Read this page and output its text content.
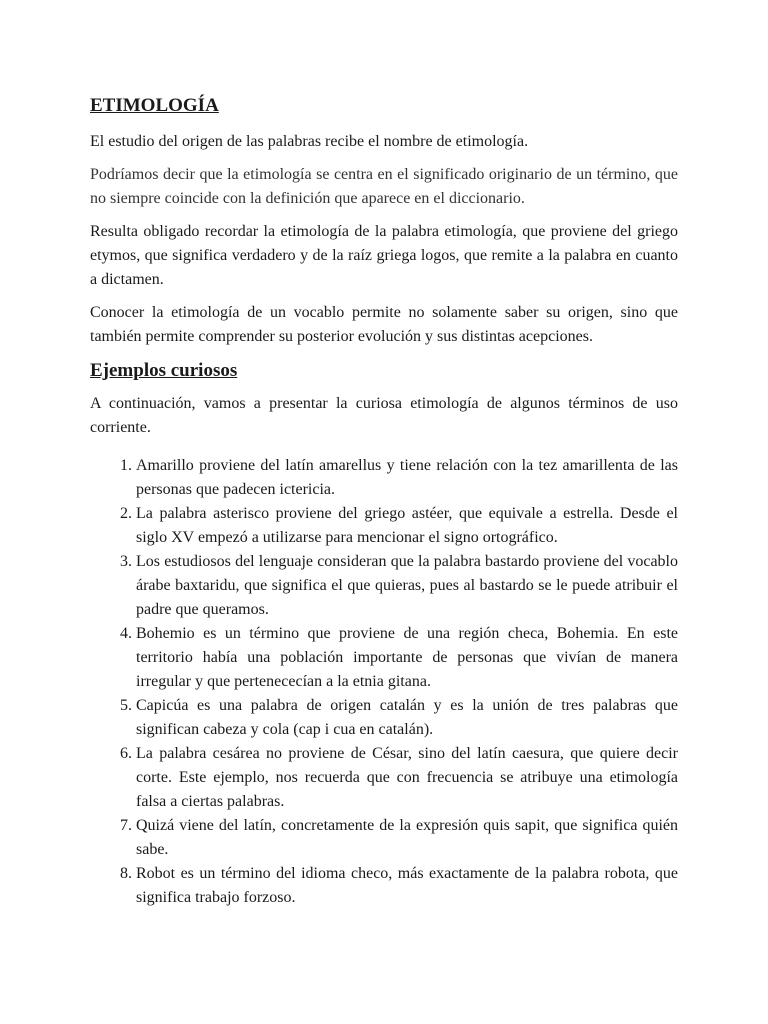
ETIMOLOGÍA

El estudio del origen de las palabras recibe el nombre de etimología.

Podríamos decir que la etimología se centra en el significado originario de un término, que no siempre coincide con la definición que aparece en el diccionario.

Resulta obligado recordar la etimología de la palabra etimología, que proviene del griego etymos, que significa verdadero y de la raíz griega logos, que remite a la palabra en cuanto a dictamen.

Conocer la etimología de un vocablo permite no solamente saber su origen, sino que también permite comprender su posterior evolución y sus distintas acepciones.

Ejemplos curiosos

A continuación, vamos a presentar la curiosa etimología de algunos términos de uso corriente.

1. Amarillo proviene del latín amarellus y tiene relación con la tez amarillenta de las personas que padecen ictericia.
2. La palabra asterisco proviene del griego astéer, que equivale a estrella. Desde el siglo XV empezó a utilizarse para mencionar el signo ortográfico.
3. Los estudiosos del lenguaje consideran que la palabra bastardo proviene del vocablo árabe baxtaridu, que significa el que quieras, pues al bastardo se le puede atribuir el padre que queramos.
4. Bohemio es un término que proviene de una región checa, Bohemia. En este territorio había una población importante de personas que vivían de manera irregular y que pertenececían a la etnia gitana.
5. Capicúa es una palabra de origen catalán y es la unión de tres palabras que significan cabeza y cola (cap i cua en catalán).
6. La palabra cesárea no proviene de César, sino del latín caesura, que quiere decir corte. Este ejemplo, nos recuerda que con frecuencia se atribuye una etimología falsa a ciertas palabras.
7. Quizá viene del latín, concretamente de la expresión quis sapit, que significa quién sabe.
8. Robot es un término del idioma checo, más exactamente de la palabra robota, que significa trabajo forzoso.
